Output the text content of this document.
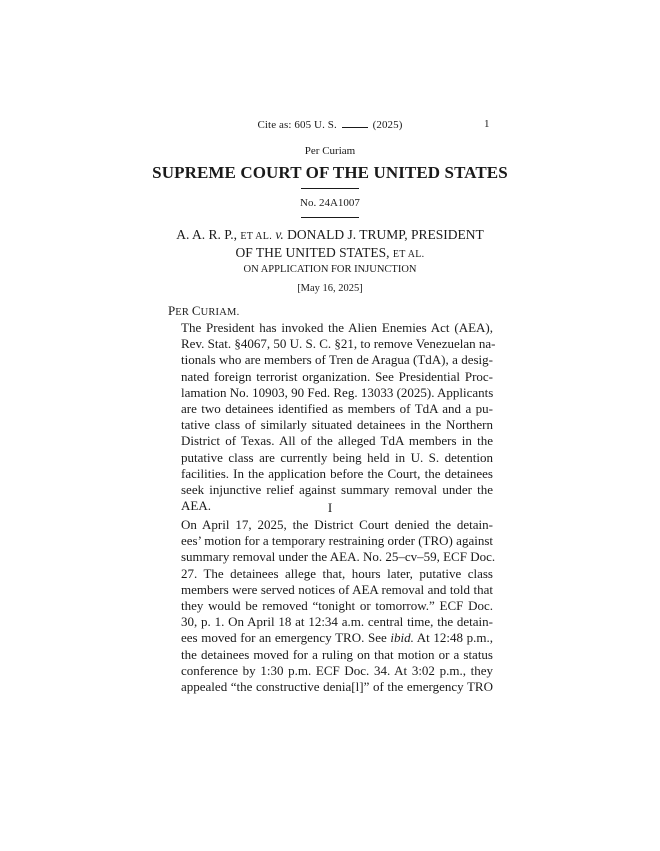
Cite as: 605 U. S.	(2025)	1
Per Curiam
SUPREME COURT OF THE UNITED STATES
No. 24A1007
A. A. R. P., ET AL. v. DONALD J. TRUMP, PRESIDENT
OF THE UNITED STATES, ET AL.
ON APPLICATION FOR INJUNCTION
[May 16, 2025]
PER CURIAM.
The President has invoked the Alien Enemies Act (AEA),
Rev. Stat. §4067, 50 U. S. C. §21, to remove Venezuelan na-
tionals who are members of Tren de Aragua (TdA), a desig-
nated foreign terrorist organization. See Presidential Proc-
lamation No. 10903, 90 Fed. Reg. 13033 (2025). Applicants
are two detainees identified as members of TdA and a pu-
tative class of similarly situated detainees in the Northern
District of Texas. All of the alleged TdA members in the
putative class are currently being held in U. S. detention
facilities. In the application before the Court, the detainees
seek injunctive relief against summary removal under the
AEA.	I
On April 17, 2025, the District Court denied the detain-
ees’ motion for a temporary restraining order (TRO) against
summary removal under the AEA. No. 25–cv–59, ECF Doc.
27. The detainees allege that, hours later, putative class
members were served notices of AEA removal and told that
they would be removed “tonight or tomorrow.” ECF Doc.
30, p. 1. On April 18 at 12:34 a.m. central time, the detain-
ees moved for an emergency TRO. See ibid. At 12:48 p.m.,
the detainees moved for a ruling on that motion or a status
conference by 1:30 p.m. ECF Doc. 34. At 3:02 p.m., they
appealed “the constructive denia[l]” of the emergency TRO
